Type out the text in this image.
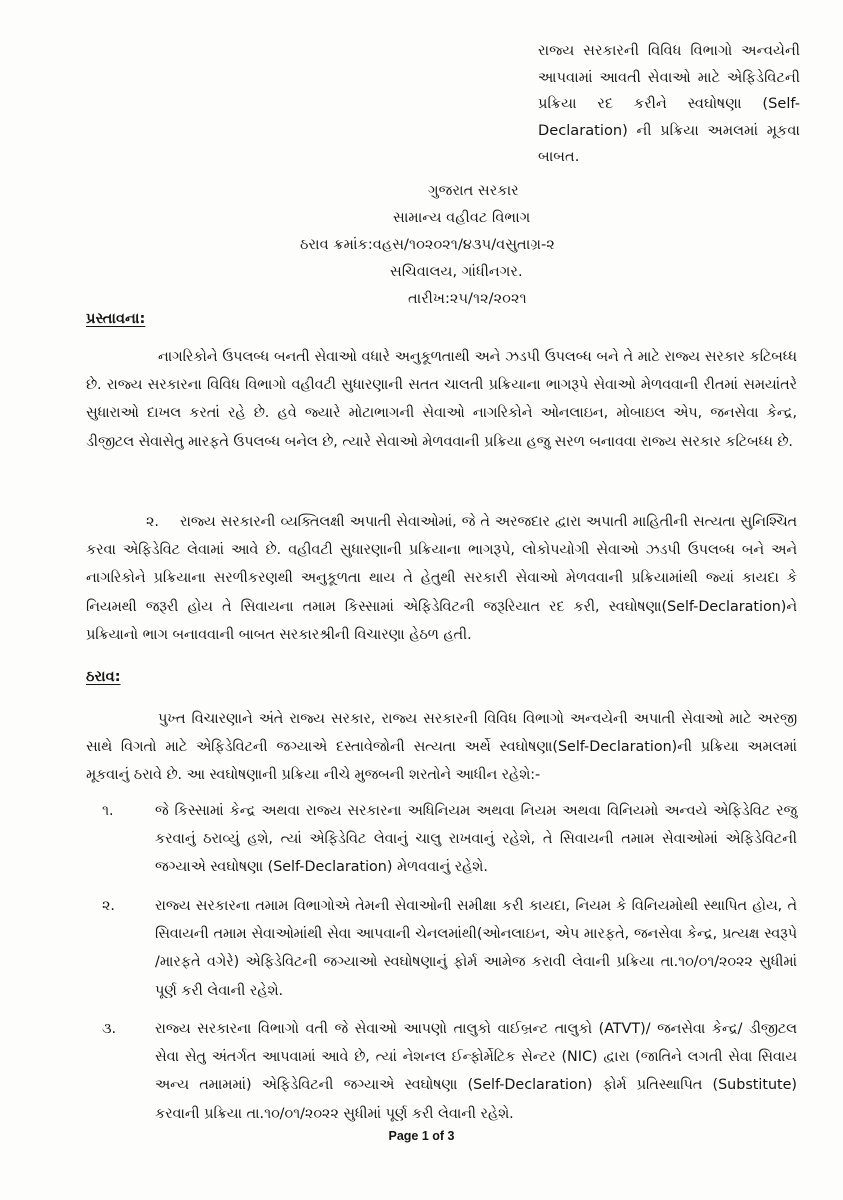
રાજ્ય સરકારની વિવિધ વિભાગો અન્વયેની આપવામાં આવતી સેવાઓ માટે એફિડેવિટની પ્રક્રિયા રદ કરીને સ્વઘોષણા (Self-Declaration) ની પ્રક્રિયા અમલમાં મૂકવા બાબત.
ગુજરાત સરકાર
સામાન્ય વહીવટ વિભાગ
ઠરાવ ક્રમાંક:વહસ/૧૦૨૦૨૧/૪૩૫/વસુતાગ્ર-૨
સચિવાલય, ગાંધીનગર.
તારીખ:૨૫/૧૨/૨૦૨૧
પ્રસ્તાવના:
નાગરિકોને ઉપલબ્ધ બનતી સેવાઓ વધારે અનુકૂળતાથી અને ઝડપી ઉપલબ્ધ બને તે માટે રાજ્ય સરકાર કટિબધ્ધ છે. રાજ્ય સરકારના વિવિધ વિભાગો વહીવટી સુધારણાની સતત ચાલતી પ્રક્રિયાના ભાગરૂપે સેવાઓ મેળવવાની રીતમાં સમયાંતરે સુધારાઓ દાખલ કરતાં રહે છે. હવે જ્યારે મોટાભાગની સેવાઓ નાગરિકોને ઓનલાઇન, મોબાઇલ એપ, જનસેવા કેન્દ્ર, ડીજીટલ સેવાસેતુ મારફતે ઉપલબ્ધ બનેલ છે, ત્યારે સેવાઓ મેળવવાની પ્રક્રિયા હજુ સરળ બનાવવા રાજ્ય સરકાર કટિબધ્ધ છે.
૨. રાજ્ય સરકારની વ્યક્તિલક્ષી અપાતી સેવાઓમાં, જે તે અરજદાર દ્વારા અપાતી માહિતીની સત્યતા સુનિશ્ચિત કરવા એફિડેવિટ લેવામાં આવે છે. વહીવટી સુધારણાની પ્રક્રિયાના ભાગરૂપે, લોકોપયોગી સેવાઓ ઝડપી ઉપલબ્ધ બને અને નાગરિકોને પ્રક્રિયાના સરળીકરણથી અનુકૂળતા થાય તે હેતુથી સરકારી સેવાઓ મેળવવાની પ્રક્રિયામાંથી જ્યાં કાયદા કે નિયમથી જરૂરી હોય તે સિવાયના તમામ કિસ્સામાં એફિડેવિટની જરૂરિયાત રદ કરી, સ્વઘોષણા(Self-Declaration)ને પ્રક્રિયાનો ભાગ બનાવવાની બાબત સરકારશ્રીની વિચારણા હેઠળ હતી.
ઠરાવ:
પુખ્ત વિચારણાને અંતે રાજ્ય સરકાર, રાજ્ય સરકારની વિવિધ વિભાગો અન્વયેની અપાતી સેવાઓ માટે અરજી સાથે વિગતો માટે એફિડેવિટની જગ્યાએ દસ્તાવેજોની સત્યતા અર્થે સ્વઘોષણા(Self-Declaration)ની પ્રક્રિયા અમલમાં મૂકવાનું ઠરાવે છે. આ સ્વઘોષણાની પ્રક્રિયા નીચે મુજબની શરતોને આધીન રહેશે:-
૧.	જે કિસ્સામાં કેન્દ્ર અથવા રાજ્ય સરકારના અધિનિયમ અથવા નિયમ અથવા વિનિયમો અન્વયે એફિડેવિટ રજુ કરવાનું ઠરાવ્યું હશે, ત્યાં એફિડેવિટ લેવાનું ચાલુ રાખવાનું રહેશે, તે સિવાયની તમામ સેવાઓમાં એફિડેવિટની જગ્યાએ સ્વઘોષણા (Self-Declaration) મેળવવાનું રહેશે.
૨.	રાજ્ય સરકારના તમામ વિભાગોએ તેમની સેવાઓની સમીક્ષા કરી કાયદા, નિયમ કે વિનિયમોથી સ્થાપિત હોય, તે સિવાયની તમામ સેવાઓમાંથી સેવા આપવાની ચેનલમાંથી(ઓનલાઇન, એપ મારફતે, જનસેવા કેન્દ્ર, પ્રત્યક્ષ સ્વરૂપે /મારફતે વગેરે) એફિડેવિટની જગ્યાઓ સ્વઘોષણાનું ફોર્મ આમેજ કરાવી લેવાની પ્રક્રિયા તા.૧૦/૦૧/૨૦૨૨ સુધીમાં પૂર્ણ કરી લેવાની રહેશે.
૩.	રાજ્ય સરકારના વિભાગો વતી જે સેવાઓ આપણો તાલુકો વાઈબ્રન્ટ તાલુકો (ATVT)/ જનસેવા કેન્દ્ર/ ડીજીટલ સેવા સેતુ અંતર્ગત આપવામાં આવે છે, ત્યાં નેશનલ ઈન્ફોર્મેટિક સેન્ટર (NIC) દ્વારા (જાતિને લગતી સેવા સિવાય અન્ય તમામમાં) એફિડેવિટની જગ્યાએ સ્વઘોષણા (Self-Declaration) ફોર્મ પ્રતિસ્થાપિત (Substitute) કરવાની પ્રક્રિયા તા.૧૦/૦૧/૨૦૨૨ સુધીમાં પૂર્ણ કરી લેવાની રહેશે.
Page 1 of 3
